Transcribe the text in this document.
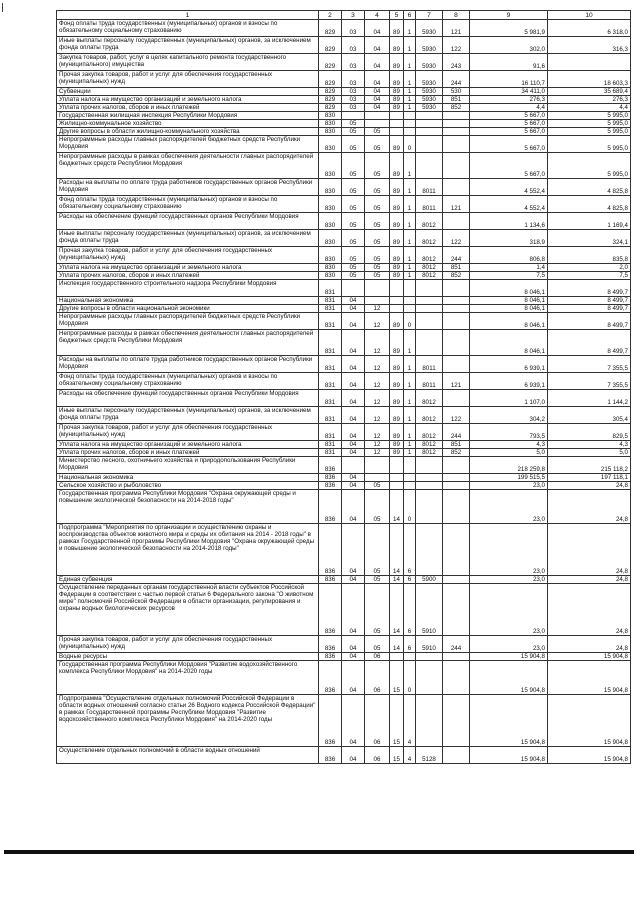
1	2	3	4	5	6	7	8	9	10
Фонд оплаты труда государственных (муниципальных) органов и взносы по обязательному социальному страхованию	829	03	04	89	1	5930	121	5 981,9	6 318,0
Иные выплаты персоналу государственных (муниципальных) органов, за исключением фонда оплаты труда	829	03	04	89	1	5930	122	302,0	316,3
Закупка товаров, работ, услуг в целях капитального ремонта государственного (муниципального) имущества	829	03	04	89	1	5930	243	91,6	
Прочая закупка товаров, работ и услуг для обеспечения государственных (муниципальных) нужд	829	03	04	89	1	5930	244	16 110,7	18 603,3
Субвенции	829	03	04	89	1	5930	530	34 411,0	35 689,4
Уплата налога на имущество организаций и земельного налога	829	03	04	89	1	5930	851	276,3	276,3
Уплата прочих налогов, сборов и иных платежей	829	03	04	89	1	5930	852	4,4	4,4
Государственная жилищная инспекция Республики Мордовия	830							5 667,0	5 995,0
Жилищно-коммунальное хозяйство	830	05						5 667,0	5 995,0
Другие вопросы в области жилищно-коммунального хозяйства	830	05	05					5 667,0	5 995,0
Непрограммные расходы главных распорядителей бюджетных средств Республики Мордовия	830	05	05	89	0			5 667,0	5 995,0
Непрограммные расходы в рамках обеспечения деятельности главных распорядителей бюджетных средств Республики Мордовия	830	05	05	89	1			5 667,0	5 995,0
Расходы на выплаты по оплате труда работников государственных органов Республики Мордовия	830	05	05	89	1	8011		4 552,4	4 825,8
Фонд оплаты труда государственных (муниципальных) органов и взносы по обязательному социальному страхованию	830	05	05	89	1	8011	121	4 552,4	4 825,8
Расходы на обеспечение функций государственных органов Республики Мордовия	830	05	05	89	1	8012		1 134,6	1 169,4
Иные выплаты персоналу государственных (муниципальных) органов, за исключением фонда оплаты труда	830	05	05	89	1	8012	122	318,9	324,1
Прочая закупка товаров, работ и услуг для обеспечения государственных (муниципальных) нужд	830	05	05	89	1	8012	244	806,8	835,8
Уплата налога на имущество организаций и земельного налога	830	05	05	89	1	8012	851	1,4	2,0
Уплата прочих налогов, сборов и иных платежей	830	05	05	89	1	8012	852	7,5	7,5
Инспекция государственного строительного надзора Республики Мордовия	831							8 046,1	8 499,7
Национальная экономика	831	04						8 046,1	8 499,7
Другие вопросы в области национальной экономики	831	04	12					8 046,1	8 499,7
Непрограммные расходы главных распорядителей бюджетных средств Республики Мордовия	831	04	12	89	0			8 046,1	8 499,7
Непрограммные расходы в рамках обеспечения деятельности главных распорядителей бюджетных средств Республики Мордовия	831	04	12	89	1			8 046,1	8 499,7
Расходы на выплаты по оплате труда работников государственных органов Республики Мордовия	831	04	12	89	1	8011		6 939,1	7 355,5
Фонд оплаты труда государственных (муниципальных) органов и взносы по обязательному социальному страхованию	831	04	12	89	1	8011	121	6 939,1	7 355,5
Расходы на обеспечение функций государственных органов Республики Мордовия	831	04	12	89	1	8012		1 107,0	1 144,2
Иные выплаты персоналу государственных (муниципальных) органов, за исключением фонда оплаты труда	831	04	12	89	1	8012	122	304,2	305,4
Прочая закупка товаров, работ и услуг для обеспечения государственных (муниципальных) нужд	831	04	12	89	1	8012	244	793,5	829,5
Уплата налога на имущество организаций и земельного налога	831	04	12	89	1	8012	851	4,3	4,3
Уплата прочих налогов, сборов и иных платежей	831	04	12	89	1	8012	852	5,0	5,0
Министерство лесного, охотничьего хозяйства и природопользования Республики Мордовия	836							218 259,8	215 118,2
Национальная экономика	836	04						199 515,5	197 118,1
Сельское хозяйство и рыболовство	836	04	05					23,0	24,8
Государственная программа Республики Мордовия "Охрана окружающей среды и повышение экологической безопасности на 2014-2018 годы"	836	04	05	14	0			23,0	24,8
Подпрограмма "Мероприятия по организации и осуществлению охраны и воспроизводства объектов животного мира и среды их обитания на 2014 - 2018 годы" в рамках Государственной программы Республики Мордовия "Охрана окружающей среды и повышение экологической безопасности на 2014-2018 годы"	836	04	05	14	6			23,0	24,8
Единая субвенция	836	04	05	14	6	5900		23,0	24,8
Осуществление переданных органам государственной власти субъектов Российской Федерации в соответствии с частью первой статьи 6 Федерального закона "О животном мире" полномочий Российской Федерации в области организации, регулирования и охраны водных биологических ресурсов	836	04	05	14	6	5910		23,0	24,8
Прочая закупка товаров, работ и услуг для обеспечения государственных (муниципальных) нужд	836	04	05	14	6	5910	244	23,0	24,8
Водные ресурсы	836	04	06					15 904,8	15 904,8
Государственная программа Республики Мордовия "Развитие водохозяйственного комплекса Республики Мордовия" на 2014-2020 годы	836	04	06	15	0			15 904,8	15 904,8
Подпрограмма "Осуществление отдельных полномочий Российской Федерации в области водных отношений согласно статьи 26 Водного кодекса Российской Федерации" в рамках Государственной программы Республики Мордовия "Развитие водохозяйственного комплекса Республики Мордовия" на 2014-2020 годы	836	04	06	15	4			15 904,8	15 904,8
Осуществление отдельных полномочий в области водных отношений	836	04	06	15	4	5128		15 904,8	15 904,8
